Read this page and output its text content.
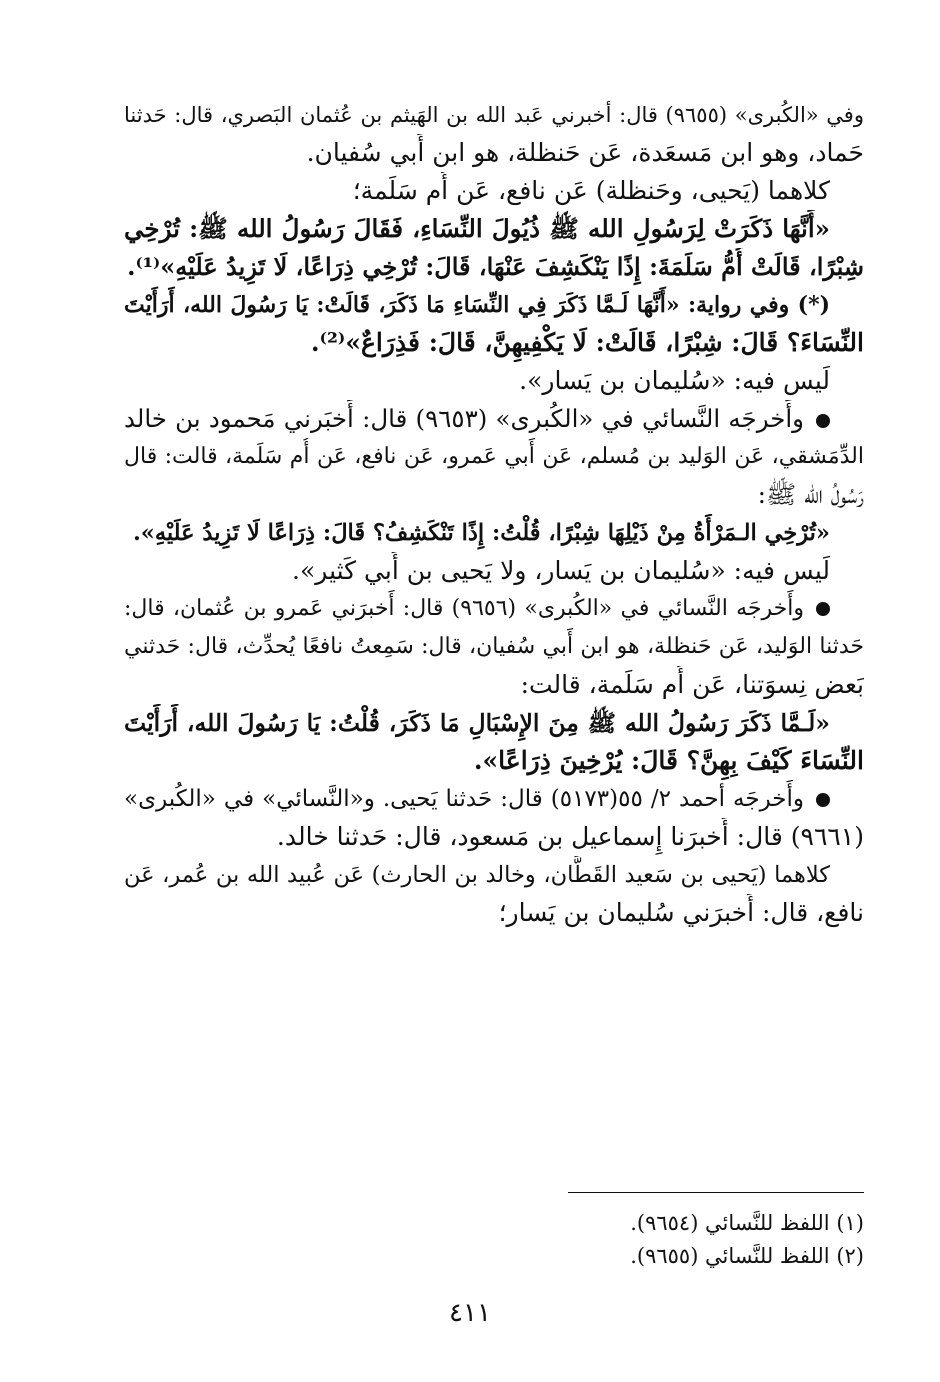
وفي «الكُبرى» (٩٦٥٥) قال: أخبرني عَبد الله بن الهَيثم بن عُثمان البَصري، قال: حَدثنا
حَماد، وهو ابن مَسعَدة، عَن حَنظلة، هو ابن أَبي سُفيان.
كلاهما (يَحيى، وحَنظلة) عَن نافع، عَن أُم سَلَمة؛
«أَنَّهَا ذَكَرَتْ لِرَسُولِ الله ﷺ ذُيُولَ النِّسَاءِ، فَقَالَ رَسُولُ الله ﷺ: تُرْخِي
شِبْرًا، قَالَتْ أُمُّ سَلَمَةَ: إِذًا يَنْكَشِفَ عَنْهَا، قَالَ: تُرْخِي ذِرَاعًا، لَا تَزِيدُ عَلَيْهِ»⁽¹⁾.
(*) وفي رواية: «أَنَّهَا لَـمَّا ذَكَرَ فِي النِّسَاءِ مَا ذَكَرَ، قَالَتْ: يَا رَسُولَ الله، أَرَأَيْتَ
النِّسَاءَ؟ قَالَ: شِبْرًا، قَالَتْ: لَا يَكْفِيهِنَّ، قَالَ: فَذِرَاعٌ»⁽²⁾.
لَيس فيه: «سُليمان بن يَسار».
وأَخرجَه النَّسائي في «الكُبرى» (٩٦٥٣) قال: أَخبَرني مَحمود بن خالد
الدِّمَشقي، عَن الوَليد بن مُسلم، عَن أَبي عَمرو، عَن نافع، عَن أُم سَلَمة، قالت: قال
رَسُولُ الله ﷺ:
«تُرْخِي الـمَرْأَةُ مِنْ ذَيْلِهَا شِبْرًا، قُلْتُ: إِذًا تَنْكَشِفُ؟ قَالَ: ذِرَاعًا لَا تَزِيدُ عَلَيْهِ».
لَيس فيه: «سُليمان بن يَسار، ولا يَحيى بن أَبي كَثير».
وأَخرجَه النَّسائي في «الكُبرى» (٩٦٥٦) قال: أَخبرَني عَمرو بن عُثمان، قال:
حَدثنا الوَليد، عَن حَنظلة، هو ابن أَبي سُفيان، قال: سَمِعتُ نافعًا يُحدِّث، قال: حَدثني
بَعض نِسوَتنا، عَن أُم سَلَمة، قالت:
«لَـمَّا ذَكَرَ رَسُولُ الله ﷺ مِنَ الإِسْبَالِ مَا ذَكَرَ، قُلْتُ: يَا رَسُولَ الله، أَرَأَيْتَ
النِّسَاءَ كَيْفَ بِهِنَّ؟ قَالَ: يُرْخِينَ ذِرَاعًا».
وأَخرجَه أحمد ٢/ ٥٥(٥١٧٣) قال: حَدثنا يَحيى. و«النَّسائي» في «الكُبرى»
(٩٦٦١) قال: أَخبرَنا إِسماعيل بن مَسعود، قال: حَدثنا خالد.
كلاهما (يَحيى بن سَعيد القَطَّان، وخالد بن الحارث) عَن عُبيد الله بن عُمر، عَن
نافع، قال: أَخبرَني سُليمان بن يَسار؛
(١) اللفظ للنَّسائي (٩٦٥٤).
(٢) اللفظ للنَّسائي (٩٦٥٥).
٤١١
